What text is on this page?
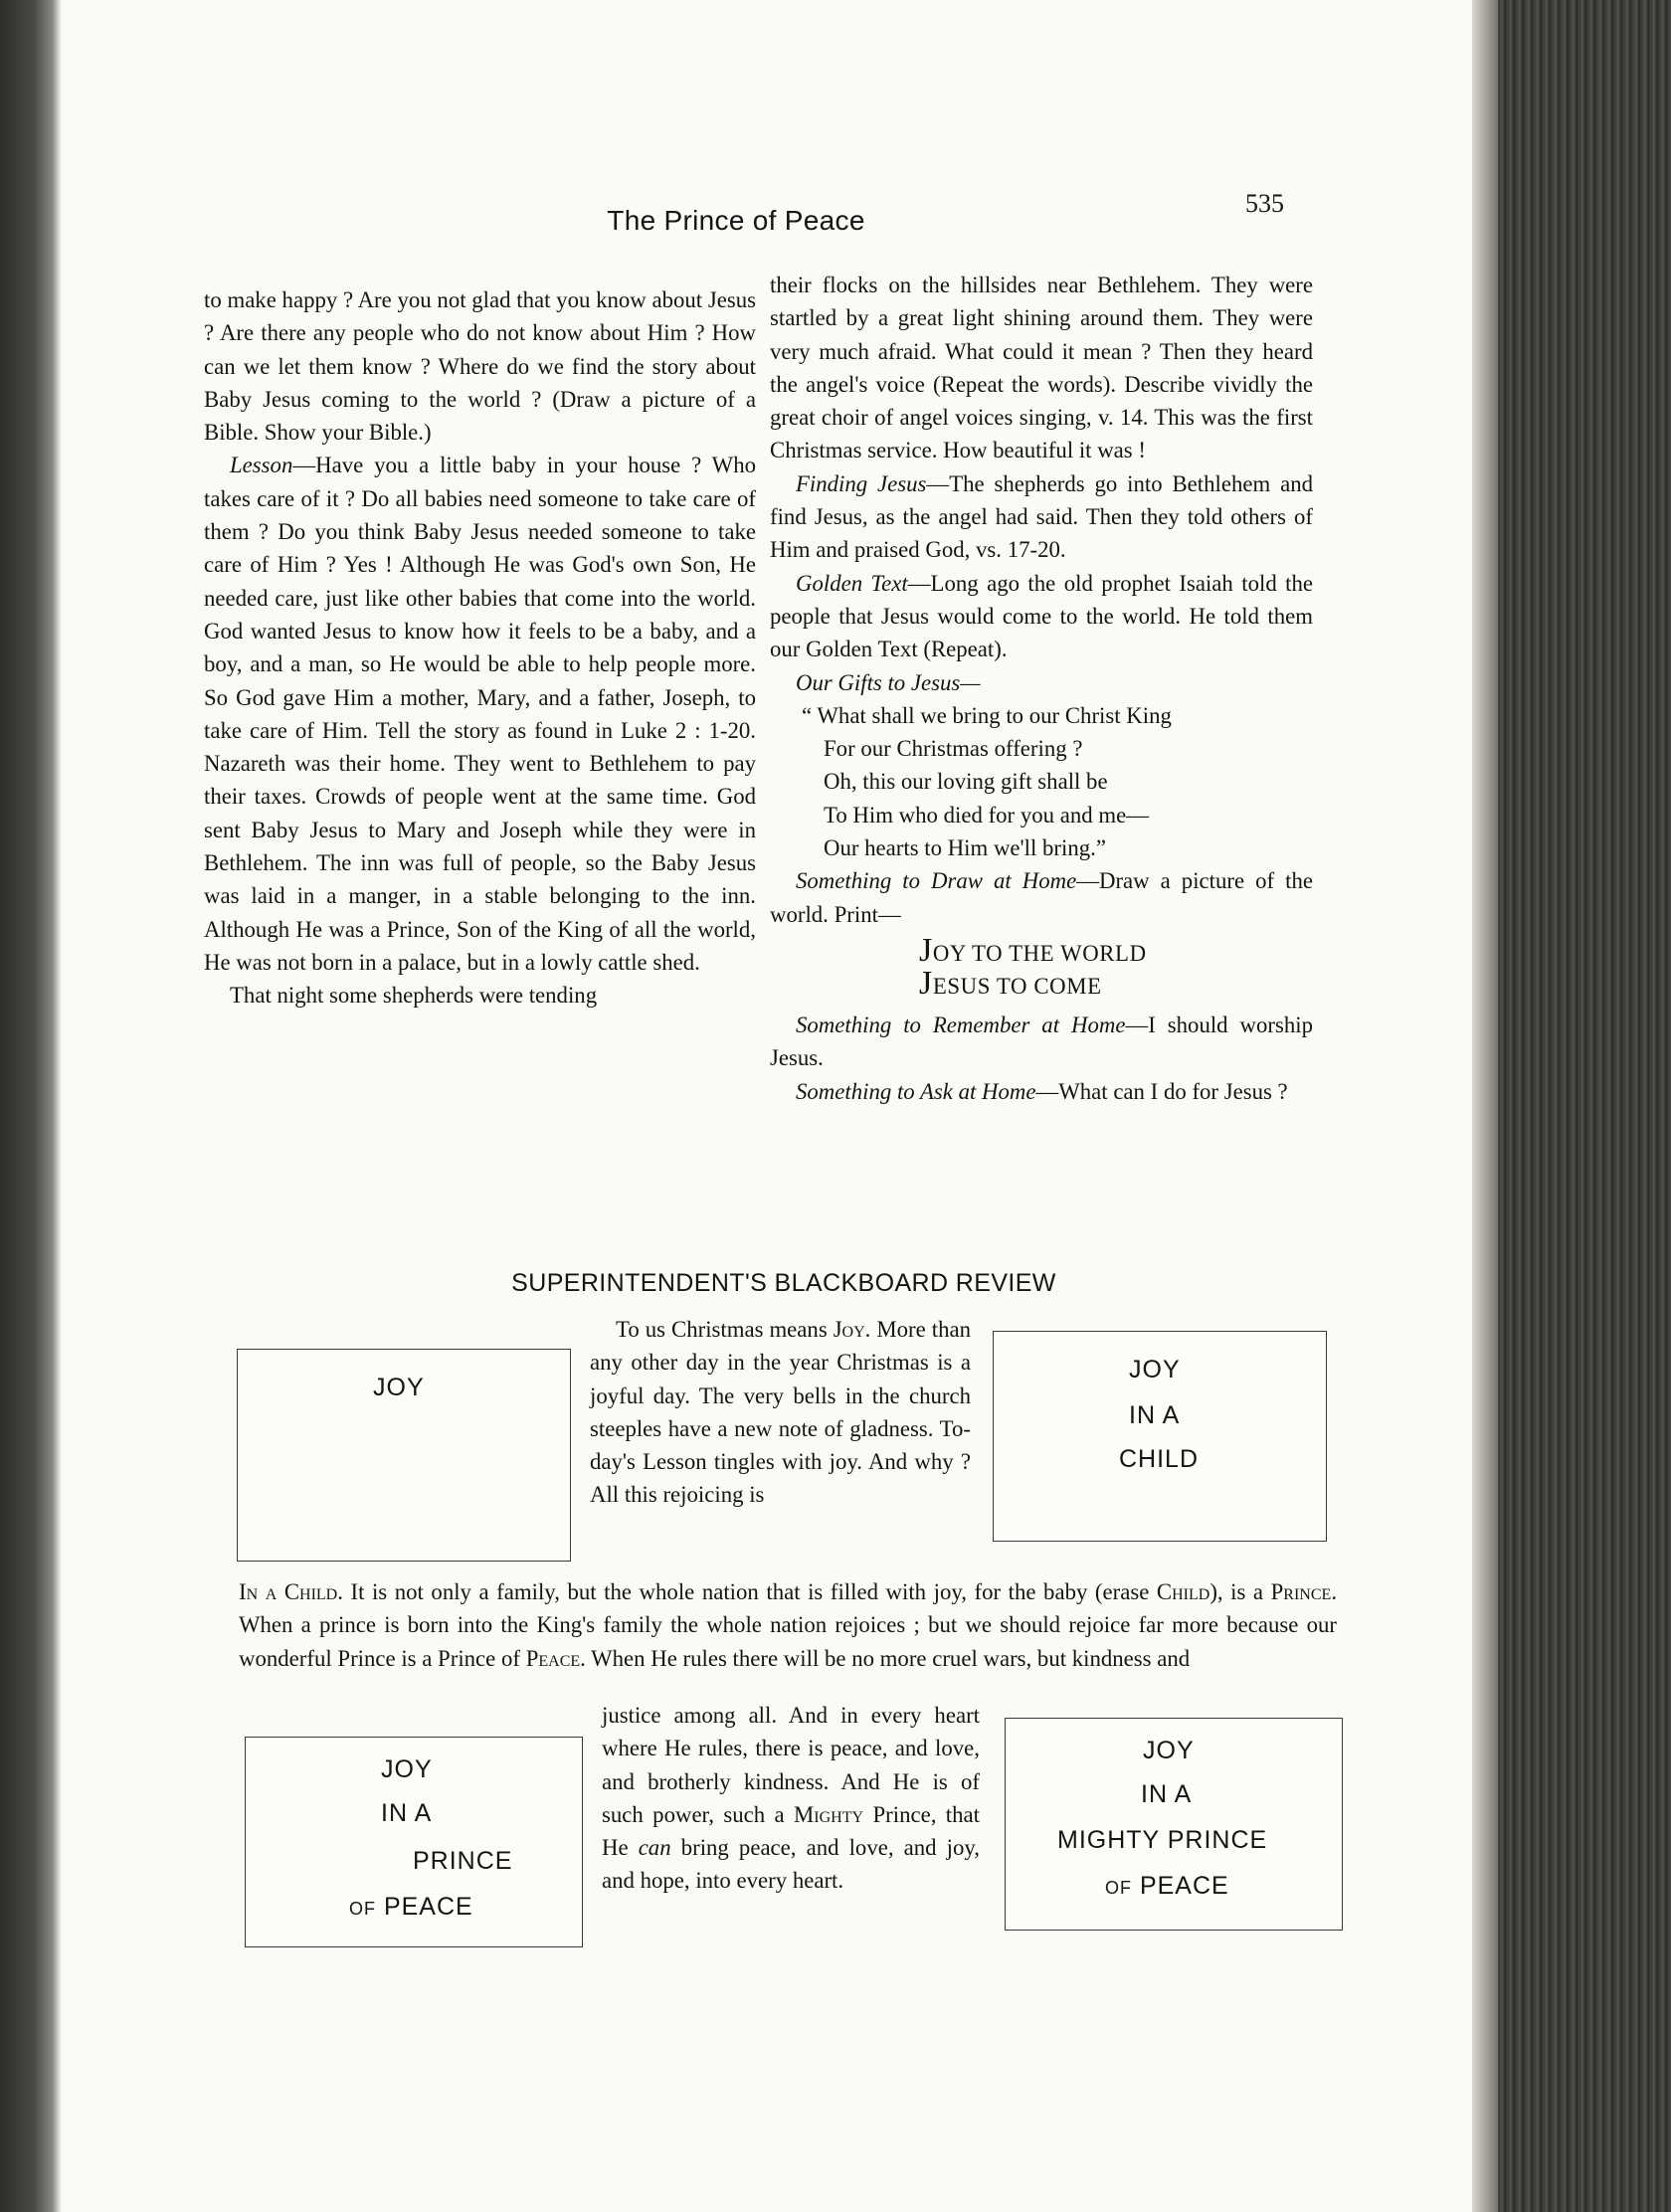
The Prince of Peace
535

to make happy ? Are you not glad that you know about Jesus ? Are there any people who do not know about Him ? How can we let them know ? Where do we find the story about Baby Jesus coming to the world ? (Draw a picture of a Bible. Show your Bible.)

Lesson—Have you a little baby in your house ? Who takes care of it ? Do all babies need someone to take care of them ? Do you think Baby Jesus needed someone to take care of Him ? Yes ! Although He was God's own Son, He needed care, just like other babies that come into the world. God wanted Jesus to know how it feels to be a baby, and a boy, and a man, so He would be able to help people more. So God gave Him a mother, Mary, and a father, Joseph, to take care of Him. Tell the story as found in Luke 2 : 1-20. Nazareth was their home. They went to Bethlehem to pay their taxes. Crowds of people went at the same time. God sent Baby Jesus to Mary and Joseph while they were in Bethlehem. The inn was full of people, so the Baby Jesus was laid in a manger, in a stable belonging to the inn. Although He was a Prince, Son of the King of all the world, He was not born in a palace, but in a lowly cattle shed.

That night some shepherds were tending

their flocks on the hillsides near Bethlehem. They were startled by a great light shining around them. They were very much afraid. What could it mean ? Then they heard the angel's voice (Repeat the words). Describe vividly the great choir of angel voices singing, v. 14. This was the first Christmas service. How beautiful it was !

Finding Jesus—The shepherds go into Bethlehem and find Jesus, as the angel had said. Then they told others of Him and praised God, vs. 17-20.

Golden Text—Long ago the old prophet Isaiah told the people that Jesus would come to the world. He told them our Golden Text (Repeat).

Our Gifts to Jesus—

“ What shall we bring to our Christ King
For our Christmas offering ?
Oh, this our loving gift shall be
To Him who died for you and me—
Our hearts to Him we'll bring.”

Something to Draw at Home—Draw a picture of the world. Print—

JOY TO THE WORLD
JESUS TO COME

Something to Remember at Home—I should worship Jesus.

Something to Ask at Home—What can I do for Jesus ?

SUPERINTENDENT'S BLACKBOARD REVIEW
JOY
JOY
IN A
CHILD
JOY
IN A
PRINCE
of PEACE
JOY
IN A
MIGHTY PRINCE
of PEACE

To us Christmas means Joy. More than any other day in the year Christmas is a joyful day. The very bells in the church steeples have a new note of gladness. To-day's Lesson tingles with joy. And why ? All this rejoicing is

In a Child. It is not only a family, but the whole nation that is filled with joy, for the baby (erase Child), is a Prince. When a prince is born into the King's family the whole nation rejoices ; but we should rejoice far more because our wonderful Prince is a Prince of Peace. When He rules there will be no more cruel wars, but kindness and

justice among all. And in every heart where He rules, there is peace, and love, and brotherly kindness. And He is of such power, such a Mighty Prince, that He can bring peace, and love, and joy, and hope, into every heart.
